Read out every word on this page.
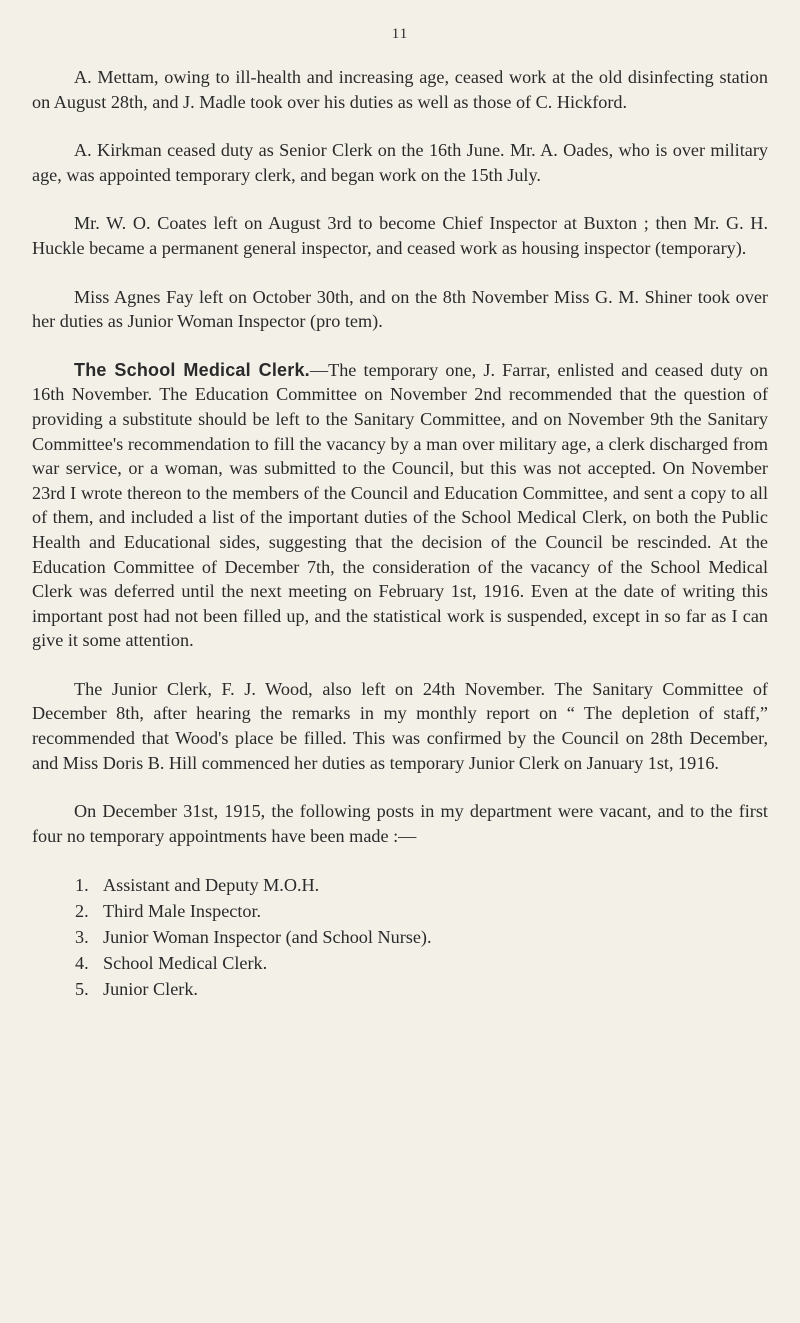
11

A. Mettam, owing to ill-health and increasing age, ceased work at the old disinfecting station on August 28th, and J. Madle took over his duties as well as those of C. Hickford.

A. Kirkman ceased duty as Senior Clerk on the 16th June. Mr. A. Oades, who is over military age, was appointed temporary clerk, and began work on the 15th July.

Mr. W. O. Coates left on August 3rd to become Chief Inspector at Buxton ; then Mr. G. H. Huckle became a permanent general inspector, and ceased work as housing inspector (temporary).

Miss Agnes Fay left on October 30th, and on the 8th November Miss G. M. Shiner took over her duties as Junior Woman Inspector (pro tem).

The School Medical Clerk.—The temporary one, J. Farrar, enlisted and ceased duty on 16th November. The Education Committee on November 2nd recommended that the question of providing a substitute should be left to the Sanitary Committee, and on November 9th the Sanitary Committee's recommendation to fill the vacancy by a man over military age, a clerk discharged from war service, or a woman, was submitted to the Council, but this was not accepted. On November 23rd I wrote thereon to the members of the Council and Education Committee, and sent a copy to all of them, and included a list of the important duties of the School Medical Clerk, on both the Public Health and Educational sides, suggesting that the decision of the Council be rescinded. At the Education Committee of December 7th, the consideration of the vacancy of the School Medical Clerk was deferred until the next meeting on February 1st, 1916. Even at the date of writing this important post had not been filled up, and the statistical work is suspended, except in so far as I can give it some attention.

The Junior Clerk, F. J. Wood, also left on 24th November. The Sanitary Committee of December 8th, after hearing the remarks in my monthly report on “ The depletion of staff,” recommended that Wood's place be filled. This was confirmed by the Council on 28th December, and Miss Doris B. Hill commenced her duties as temporary Junior Clerk on January 1st, 1916.

On December 31st, 1915, the following posts in my department were vacant, and to the first four no temporary appointments have been made :—

1. Assistant and Deputy M.O.H.
2. Third Male Inspector.
3. Junior Woman Inspector (and School Nurse).
4. School Medical Clerk.
5. Junior Clerk.
